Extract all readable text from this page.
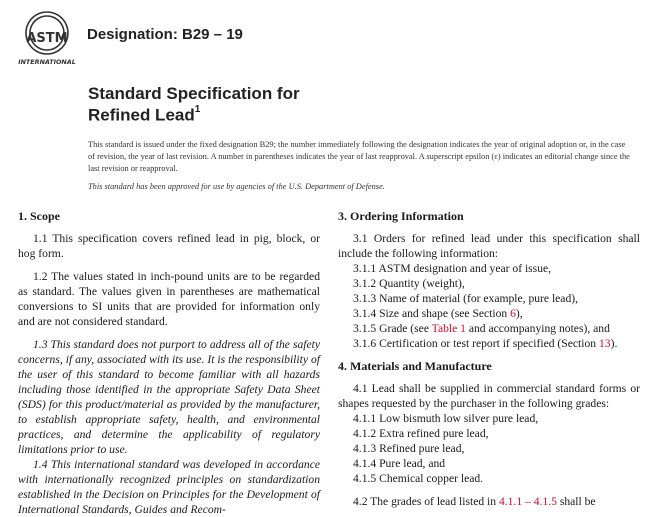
ASTM
INTERNATIONAL
Designation: B29 – 19
Standard Specification for
Refined Lead$^1$
This standard is issued under the fixed designation B29; the number immediately following the designation indicates the year of original adoption or, in the case of revision, the year of last revision. A number in parentheses indicates the year of last reapproval. A superscript epsilon (ε) indicates an editorial change since the last revision or reapproval.
This standard has been approved for use by agencies of the U.S. Department of Defense.
1. Scope

1.1 This specification covers refined lead in pig, block, or hog form.

1.2 The values stated in inch-pound units are to be regarded as standard. The values given in parentheses are mathematical conversions to SI units that are provided for information only and are not considered standard.

1.3 This standard does not purport to address all of the safety concerns, if any, associated with its use. It is the responsibility of the user of this standard to become familiar with all hazards including those identified in the appropriate Safety Data Sheet (SDS) for this product/material as provided by the manufacturer, to establish appropriate safety, health, and environmental practices, and determine the applicability of regulatory limitations prior to use.

1.4 This international standard was developed in accordance with internationally recognized principles on standardization established in the Decision on Principles for the Development of International Standards, Guides and Recom-

3. Ordering Information

3.1 Orders for refined lead under this specification shall include the following information:

3.1.1 ASTM designation and year of issue,

3.1.2 Quantity (weight),

3.1.3 Name of material (for example, pure lead),

3.1.4 Size and shape (see Section 6),

3.1.5 Grade (see Table 1 and accompanying notes), and

3.1.6 Certification or test report if specified (Section 13).

4. Materials and Manufacture

4.1 Lead shall be supplied in commercial standard forms or shapes requested by the purchaser in the following grades:

4.1.1 Low bismuth low silver pure lead,

4.1.2 Extra refined pure lead,

4.1.3 Refined pure lead,

4.1.4 Pure lead, and

4.1.5 Chemical copper lead.

4.2 The grades of lead listed in 4.1.1 – 4.1.5 shall be
